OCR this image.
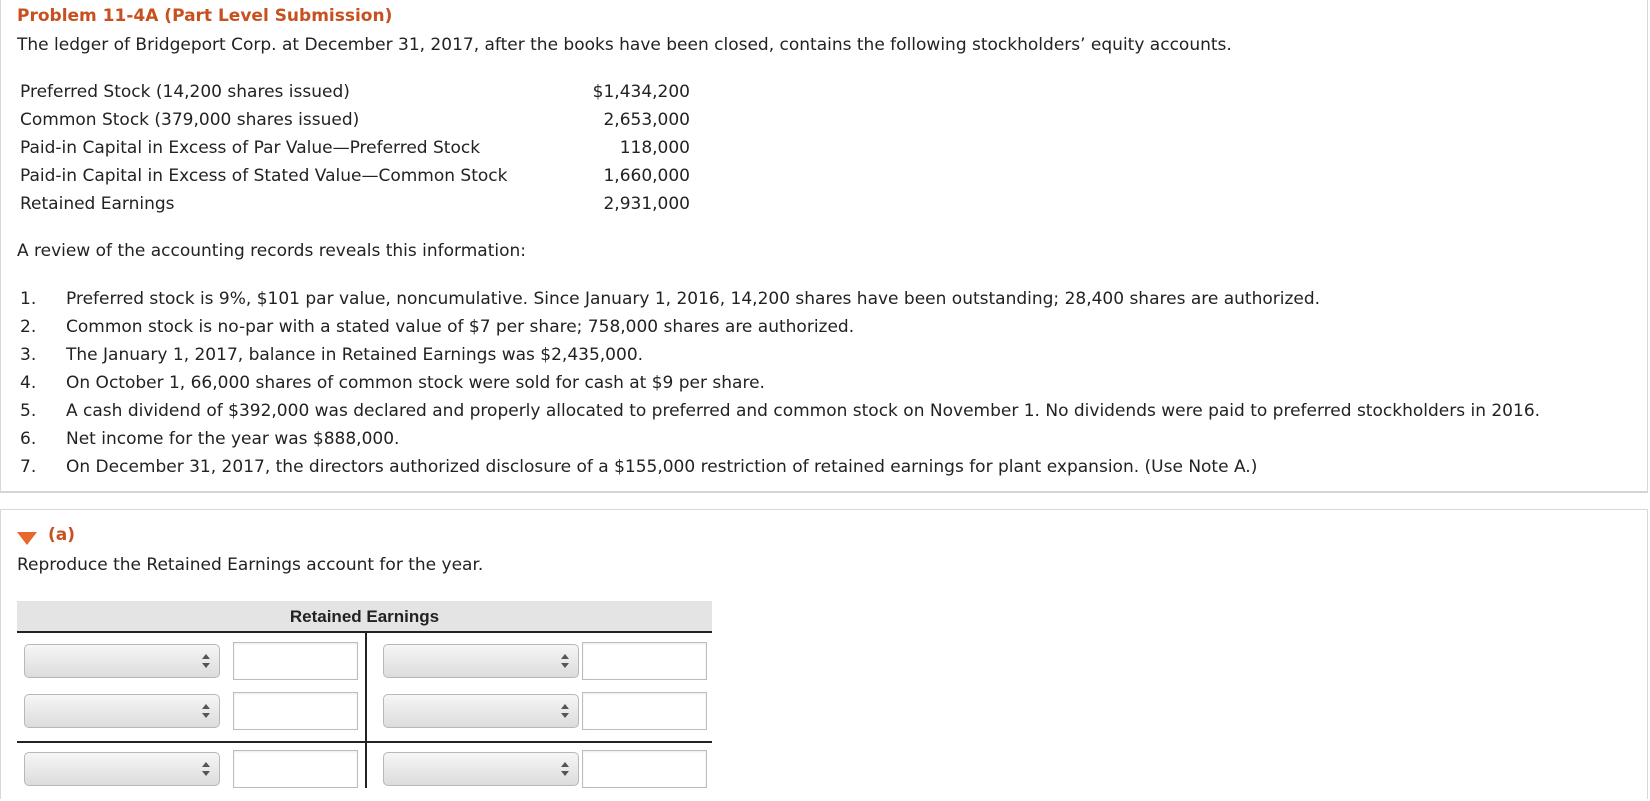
Problem 11-4A (Part Level Submission)
The ledger of Bridgeport Corp. at December 31, 2017, after the books have been closed, contains the following stockholders’ equity accounts.
Preferred Stock (14,200 shares issued)	$1,434,200
Common Stock (379,000 shares issued)	2,653,000
Paid-in Capital in Excess of Par Value—Preferred Stock	118,000
Paid-in Capital in Excess of Stated Value—Common Stock	1,660,000
Retained Earnings	2,931,000
A review of the accounting records reveals this information:
1. Preferred stock is 9%, $101 par value, noncumulative. Since January 1, 2016, 14,200 shares have been outstanding; 28,400 shares are authorized.
2. Common stock is no-par with a stated value of $7 per share; 758,000 shares are authorized.
3. The January 1, 2017, balance in Retained Earnings was $2,435,000.
4. On October 1, 66,000 shares of common stock were sold for cash at $9 per share.
5. A cash dividend of $392,000 was declared and properly allocated to preferred and common stock on November 1. No dividends were paid to preferred stockholders in 2016.
6. Net income for the year was $888,000.
7. On December 31, 2017, the directors authorized disclosure of a $155,000 restriction of retained earnings for plant expansion. (Use Note A.)
(a)
Reproduce the Retained Earnings account for the year.
Retained Earnings
